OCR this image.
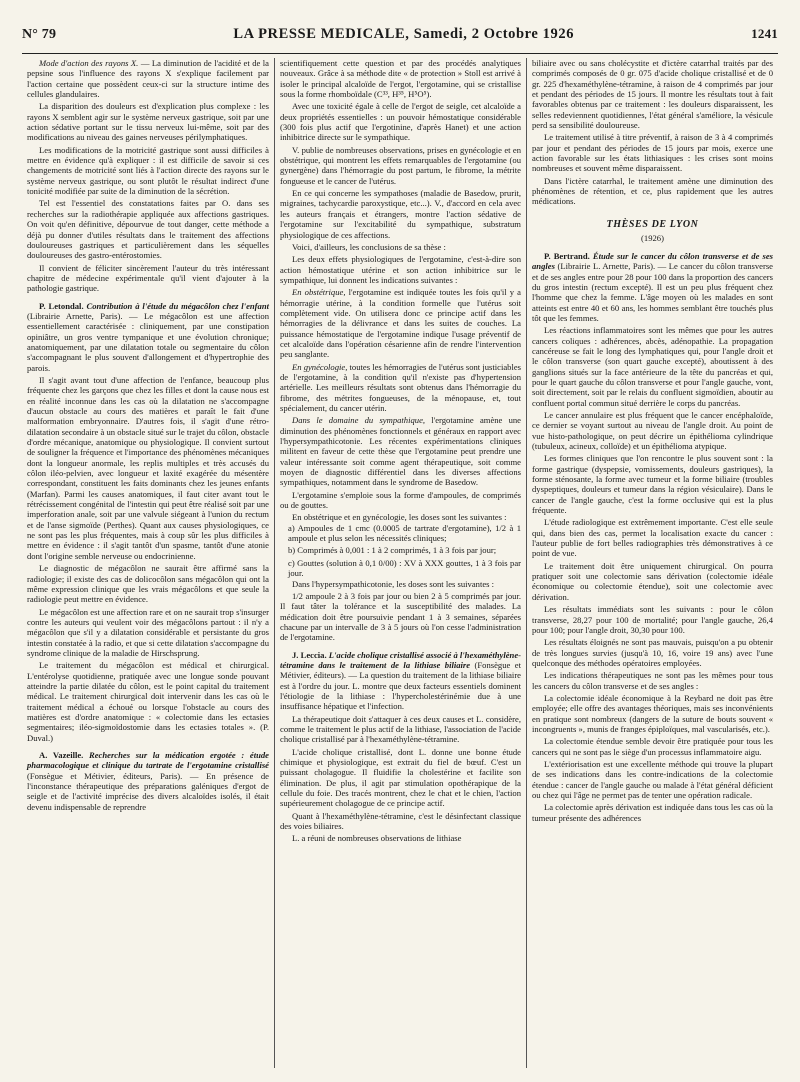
N° 79	LA PRESSE MEDICALE, Samedi, 2 Octobre 1926	1241

Mode d'action des rayons X. — La diminution de l'acidité et de la pepsine sous l'influence des rayons X s'explique facilement par l'action certaine que possèdent ceux-ci sur la structure intime des cellules glandulaires.

La disparition des douleurs est d'explication plus complexe : les rayons X semblent agir sur le système nerveux gastrique, soit par une action sédative portant sur le tissu nerveux lui-même, soit par des modifications au niveau des gaines nerveuses périlymphatiques.

Les modifications de la motricité gastrique sont aussi difficiles à mettre en évidence qu'à expliquer : il est difficile de savoir si ces changements de motricité sont liés à l'action directe des rayons sur le système nerveux gastrique, ou sont plutôt le résultat indirect d'une tonicité modifiée par suite de la diminution de la sécrétion.

Tel est l'essentiel des constatations faites par O. dans ses recherches sur la radiothérapie appliquée aux affections gastriques. On voit qu'en définitive, dépourvue de tout danger, cette méthode a déjà pu donner d'utiles résultats dans le traitement des affections douloureuses gastriques et particulièrement dans les séquelles douloureuses des gastro-entérostomies.

Il convient de féliciter sincèrement l'auteur du très intéressant chapitre de médecine expérimentale qu'il vient d'ajouter à la pathologie gastrique.

P. Letondal. Contribution à l'étude du mégacôlon chez l'enfant (Librairie Arnette, Paris). — Le mégacôlon est une affection essentiellement caractérisée : cliniquement, par une constipation opiniâtre, un gros ventre tympanique et une évolution chronique; anatomiquement, par une dilatation totale ou segmentaire du côlon s'accompagnant le plus souvent d'allongement et d'hypertrophie des parois.

Il s'agit avant tout d'une affection de l'enfance, beaucoup plus fréquente chez les garçons que chez les filles et dont la cause nous est en réalité inconnue dans les cas où la dilatation ne s'accompagne d'aucun obstacle au cours des matières et paraît le fait d'une malformation embryonnaire. D'autres fois, il s'agit d'une rétro-dilatation secondaire à un obstacle situé sur le trajet du côlon, obstacle d'ordre mécanique, anatomique ou physiologique. Il convient surtout de souligner la fréquence et l'importance des phénomènes mécaniques dont la longueur anormale, les replis multiples et très accusés du côlon iléo-pelvien, avec longueur et laxité exagérée du mésentère correspondant, constituent les faits dominants chez les jeunes enfants (Marfan). Parmi les causes anatomiques, il faut citer avant tout le rétrécissement congénital de l'intestin qui peut être réalisé soit par une imperforation anale, soit par une valvule siégeant à l'union du rectum et de l'anse sigmoïde (Perthes). Quant aux causes physiologiques, ce ne sont pas les plus fréquentes, mais à coup sûr les plus difficiles à mettre en évidence : il s'agit tantôt d'un spasme, tantôt d'une atonie dont l'origine semble nerveuse ou endocrinienne.

Le diagnostic de mégacôlon ne saurait être affirmé sans la radiologie; il existe des cas de dolicocôlon sans mégacôlon qui ont la même expression clinique que les vrais mégacôlons et que seule la radiologie peut mettre en évidence.

Le mégacôlon est une affection rare et on ne saurait trop s'insurger contre les auteurs qui veulent voir des mégacôlons partout : il n'y a mégacôlon que s'il y a dilatation considérable et persistante du gros intestin constatée à la radio, et que si cette dilatation s'accompagne du syndrome clinique de la maladie de Hirschsprung.

Le traitement du mégacôlon est médical et chirurgical. L'entérolyse quotidienne, pratiquée avec une longue sonde pouvant atteindre la partie dilatée du côlon, est le point capital du traitement médical. Le traitement chirurgical doit intervenir dans les cas où le traitement médical a échoué ou lorsque l'obstacle au cours des matières est d'ordre anatomique : « colectomie dans les ectasies segmentaires; iléo-sigmoïdostomie dans les ectasies totales ». (P. Duval.)

A. Vazeille. Recherches sur la médication ergotée : étude pharmacologique et clinique du tartrate de l'ergotamine cristallisé (Fonsègue et Métivier, éditeurs, Paris). — En présence de l'inconstance thérapeutique des préparations galéniques d'ergot de seigle et de l'activité imprécise des divers alcaloïdes isolés, il était devenu indispensable de reprendre

scientifiquement cette question et par des procédés analytiques nouveaux. Grâce à sa méthode dite « de protection » Stoll est arrivé à isoler le principal alcaloïde de l'ergot, l'ergotamine, qui se cristallise sous la forme rhomboïdale (C³³, H³⁵, H⁵O⁵).

Avec une toxicité égale à celle de l'ergot de seigle, cet alcaloïde a deux propriétés essentielles : un pouvoir hémostatique considérable (300 fois plus actif que l'ergotinine, d'après Hanet) et une action inhibitrice directe sur le sympathique.

V. publie de nombreuses observations, prises en gynécologie et en obstétrique, qui montrent les effets remarquables de l'ergotamine (ou gynergène) dans l'hémorragie du post partum, le fibrome, la métrite fongueuse et le cancer de l'utérus.

En ce qui concerne les sympathoses (maladie de Basedow, prurit, migraines, tachycardie paroxystique, etc...). V., d'accord en cela avec les auteurs français et étrangers, montre l'action sédative de l'ergotamine sur l'excitabilité du sympathique, substratum physiologique de ces affections.

Voici, d'ailleurs, les conclusions de sa thèse :

Les deux effets physiologiques de l'ergotamine, c'est-à-dire son action hémostatique utérine et son action inhibitrice sur le sympathique, lui donnent les indications suivantes :

En obstétrique, l'ergotamine est indiquée toutes les fois qu'il y a hémorragie utérine, à la condition formelle que l'utérus soit complètement vide. On utilisera donc ce principe actif dans les hémorragies de la délivrance et dans les suites de couches. La puissance hémostatique de l'ergotamine indique l'usage préventif de cet alcaloïde dans l'opération césarienne afin de rendre l'intervention peu sanglante.

En gynécologie, toutes les hémorragies de l'utérus sont justiciables de l'ergotamine, à la condition qu'il n'existe pas d'hypertension artérielle. Les meilleurs résultats sont obtenus dans l'hémorragie du fibrome, des métrites fongueuses, de la ménopause, et, tout spécialement, du cancer utérin.

Dans le domaine du sympathique, l'ergotamine amène une diminution des phénomènes fonctionnels et généraux en rapport avec l'hypersympathicotonie. Les récentes expérimentations cliniques militent en faveur de cette thèse que l'ergotamine peut prendre une valeur intéressante soit comme agent thérapeutique, soit comme moyen de diagnostic différentiel dans les diverses affections sympathiques, notamment dans le syndrome de Basedow.

L'ergotamine s'emploie sous la forme d'ampoules, de comprimés ou de gouttes.

En obstétrique et en gynécologie, les doses sont les suivantes :

a) Ampoules de 1 cmc (0.0005 de tartrate d'ergotamine), 1/2 à 1 ampoule et plus selon les nécessités cliniques;

b) Comprimés à 0,001 : 1 à 2 comprimés, 1 à 3 fois par jour;

c) Gouttes (solution à 0,1 0/00) : XV à XXX gouttes, 1 à 3 fois par jour.

Dans l'hypersympathicotonie, les doses sont les suivantes :

1/2 ampoule 2 à 3 fois par jour ou bien 2 à 5 comprimés par jour. Il faut tâter la tolérance et la susceptibilité des malades. La médication doit être poursuivie pendant 1 à 3 semaines, séparées chacune par un intervalle de 3 à 5 jours où l'on cesse l'administration de l'ergotamine.

J. Leccia. L'acide cholique cristallisé associé à l'hexaméthylène-tétramine dans le traitement de la lithiase biliaire (Fonsègue et Métivier, éditeurs). — La question du traitement de la lithiase biliaire est à l'ordre du jour. L. montre que deux facteurs essentiels dominent l'étiologie de la lithiase : l'hypercholestérinémie due à une insuffisance hépatique et l'infection.

La thérapeutique doit s'attaquer à ces deux causes et L. considère, comme le traitement le plus actif de la lithiase, l'association de l'acide cholique cristallisé par à l'hexaméthylène-tétramine.

L'acide cholique cristallisé, dont L. donne une bonne étude chimique et physiologique, est extrait du fiel de bœuf. C'est un puissant cholagogue. Il fluidifie la cholestérine et facilite son élimination. De plus, il agit par stimulation opothérapique de la cellule du foie. Des tracés montrent, chez le chat et le chien, l'action supérieurement cholagogue de ce principe actif.

Quant à l'hexaméthylène-tétramine, c'est le désinfectant classique des voies biliaires.

L. a réuni de nombreuses observations de lithiase

biliaire avec ou sans cholécystite et d'ictère catarrhal traités par des comprimés composés de 0 gr. 075 d'acide cholique cristallisé et de 0 gr. 225 d'hexaméthylène-tétramine, à raison de 4 comprimés par jour et pendant des périodes de 15 jours. Il montre les résultats tout à fait favorables obtenus par ce traitement : les douleurs disparaissent, les selles redeviennent quotidiennes, l'état général s'améliore, la vésicule perd sa sensibilité douloureuse.

Le traitement utilisé à titre préventif, à raison de 3 à 4 comprimés par jour et pendant des périodes de 15 jours par mois, exerce une action favorable sur les états lithiasiques : les crises sont moins nombreuses et souvent même disparaissent.

Dans l'ictère catarrhal, le traitement amène une diminution des phénomènes de rétention, et ce, plus rapidement que les autres médications.

THÈSES DE LYON
(1926)

P. Bertrand. Étude sur le cancer du côlon transverse et de ses angles (Librairie L. Arnette, Paris). — Le cancer du côlon transverse et de ses angles entre pour 28 pour 100 dans la proportion des cancers du gros intestin (rectum excepté). Il est un peu plus fréquent chez l'homme que chez la femme. L'âge moyen où les malades en sont atteints est entre 40 et 60 ans, les hommes semblant être touchés plus tôt que les femmes.

Les réactions inflammatoires sont les mêmes que pour les autres cancers coliques : adhérences, abcès, adénopathie. La propagation cancéreuse se fait le long des lymphatiques qui, pour l'angle droit et le côlon transverse (son quart gauche excepté), aboutissent à des ganglions situés sur la face antérieure de la tête du pancréas et qui, pour le quart gauche du côlon transverse et pour l'angle gauche, vont, soit directement, soit par le relais du confluent sigmoïdien, aboutir au confluent portal commun situé derrière le corps du pancréas.

Le cancer annulaire est plus fréquent que le cancer encéphaloïde, ce dernier se voyant surtout au niveau de l'angle droit. Au point de vue histo-pathologique, on peut décrire un épithélioma cylindrique (tubuleux, acineux, colloïde) et un épithélioma atypique.

Les formes cliniques que l'on rencontre le plus souvent sont : la forme gastrique (dyspepsie, vomissements, douleurs gastriques), la forme sténosante, la forme avec tumeur et la forme biliaire (troubles dyspeptiques, douleurs et tumeur dans la région vésiculaire). Dans le cancer de l'angle gauche, c'est la forme occlusive qui est la plus fréquente.

L'étude radiologique est extrêmement importante. C'est elle seule qui, dans bien des cas, permet la localisation exacte du cancer : l'auteur publie de fort belles radiographies très démonstratives à ce point de vue.

Le traitement doit être uniquement chirurgical. On pourra pratiquer soit une colectomie sans dérivation (colectomie idéale économique ou colectomie étendue), soit une colectomie avec dérivation.

Les résultats immédiats sont les suivants : pour le côlon transverse, 28,27 pour 100 de mortalité; pour l'angle gauche, 26,4 pour 100; pour l'angle droit, 30,30 pour 100.

Les résultats éloignés ne sont pas mauvais, puisqu'on a pu obtenir de très longues survies (jusqu'à 10, 16, voire 19 ans) avec l'une quelconque des méthodes opératoires employées.

Les indications thérapeutiques ne sont pas les mêmes pour tous les cancers du côlon transverse et de ses angles :

La colectomie idéale économique à la Reybard ne doit pas être employée; elle offre des avantages théoriques, mais ses inconvénients en pratique sont nombreux (dangers de la suture de bouts souvent « incongruents », munis de franges épiploïques, mal vascularisés, etc.).

La colectomie étendue semble devoir être pratiquée pour tous les cancers qui ne sont pas le siège d'un processus inflammatoire aigu.

L'extériorisation est une excellente méthode qui trouve la plupart de ses indications dans les contre-indications de la colectomie étendue : cancer de l'angle gauche ou malade à l'état général déficient ou chez qui l'âge ne permet pas de tenter une opération radicale.

La colectomie après dérivation est indiquée dans tous les cas où la tumeur présente des adhérences
